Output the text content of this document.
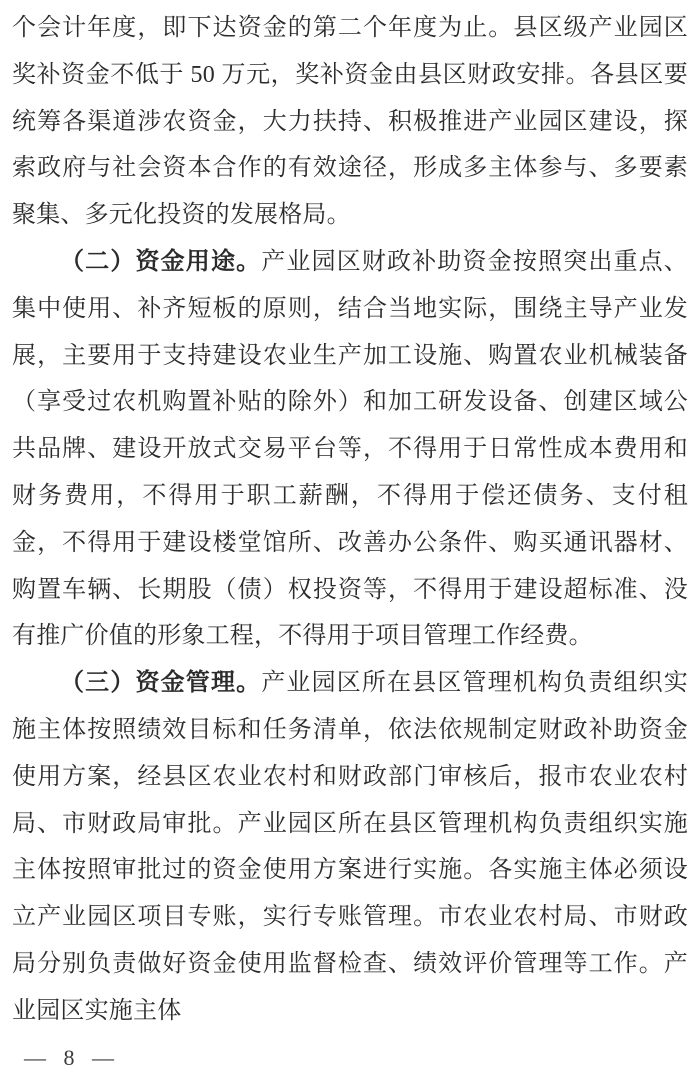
个会计年度，即下达资金的第二个年度为止。县区级产业园区奖补资金不低于 50 万元，奖补资金由县区财政安排。各县区要统筹各渠道涉农资金，大力扶持、积极推进产业园区建设，探索政府与社会资本合作的有效途径，形成多主体参与、多要素聚集、多元化投资的发展格局。

（二）资金用途。产业园区财政补助资金按照突出重点、集中使用、补齐短板的原则，结合当地实际，围绕主导产业发展，主要用于支持建设农业生产加工设施、购置农业机械装备（享受过农机购置补贴的除外）和加工研发设备、创建区域公共品牌、建设开放式交易平台等，不得用于日常性成本费用和财务费用，不得用于职工薪酬，不得用于偿还债务、支付租金，不得用于建设楼堂馆所、改善办公条件、购买通讯器材、购置车辆、长期股（债）权投资等，不得用于建设超标准、没有推广价值的形象工程，不得用于项目管理工作经费。

（三）资金管理。产业园区所在县区管理机构负责组织实施主体按照绩效目标和任务清单，依法依规制定财政补助资金使用方案，经县区农业农村和财政部门审核后，报市农业农村局、市财政局审批。产业园区所在县区管理机构负责组织实施主体按照审批过的资金使用方案进行实施。各实施主体必须设立产业园区项目专账，实行专账管理。市农业农村局、市财政局分别负责做好资金使用监督检查、绩效评价管理等工作。产业园区实施主体

— 8 —
